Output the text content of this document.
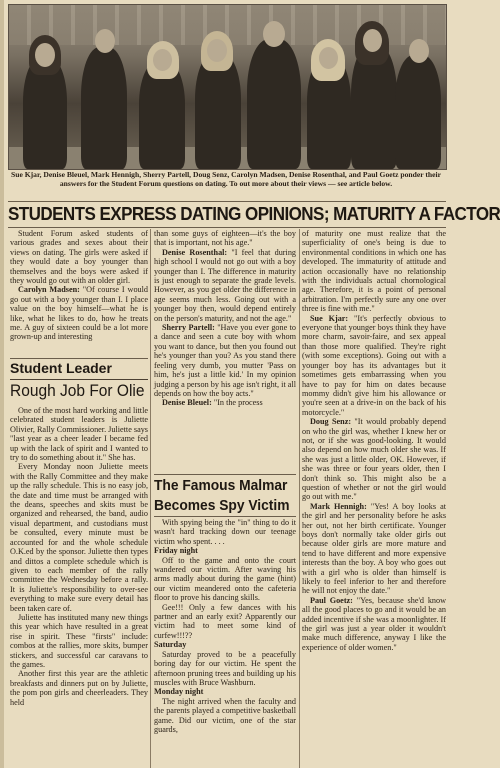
Sue Kjar, Denise Bleuel, Mark Hennigh, Sherry Partell, Doug Senz, Carolyn Madsen, Denise Rosenthal, and Paul Goetz ponder their answers for the Student Forum questions on dating. To out more about their views — see article below.
STUDENTS EXPRESS DATING OPINIONS; MATURITY A FACTOR

Student Forum asked students of various grades and sexes about their views on dating. The girls were asked if they would date a boy younger than themselves and the boys were asked if they would go out with an older girl.

Carolyn Madsen: "Of course I would go out with a boy younger than I. I place value on the boy himself—what he is like, what he likes to do, how he treats me. A guy of sixteen could be a lot more grown-up and interesting

than some guys of eighteen—it's the boy that is important, not his age."

Denise Rosenthal: "I feel that during high school I would not go out with a boy younger than I. The difference in maturity is just enough to separate the grade levels. However, as you get older the difference in age seems much less. Going out with a younger boy then, would depend entirely on the person's maturity, and not the age."

Sherry Partell: "Have you ever gone to a dance and seen a cute boy with whom you want to dance, but then you found out he's younger than you? As you stand there feeling very dumb, you mutter 'Pass on him, he's just a little kid.' In my opinion judging a person by his age isn't right, it all depends on how the boy acts."

Denise Bleuel: "In the process

of maturity one must realize that the superficiality of one's being is due to environmental conditions in which one has developed. The immaturity of attitude and action occasionally have no relationship with the individuals actual chornological age. Therefore, it is a point of personal arbitration. I'm perfectly sure any one over three is fine with me."

Sue Kjar: "It's perfectly obvious to everyone that younger boys think they have more charm, savoir-faire, and sex appeal than those more qualified. They're right (with some exceptions). Going out with a younger boy has its advantages but it sometimes gets embarrassing when you have to pay for him on dates because mommy didn't give him his allowance or you're seen at a drive-in on the back of his motorcycle."

Doug Senz: "It would probably depend on who the girl was, whether I knew her or not, or if she was good-looking. It would also depend on how much older she was. If she was just a little older, OK. However, if she was three or four years older, then I don't think so. This might also be a question of whether or not the girl would go out with me."

Mark Hennigh: "Yes! A boy looks at the girl and her personality before he asks her out, not her birth certificate. Younger boys don't normally take older girls out because older girls are more mature and tend to have different and more expensive interests than the boy. A boy who goes out with a girl who is older than himself is likely to feel inferior to her and therefore he will not enjoy the date."

Paul Goetz: "Yes, because she'd know all the good places to go and it would be an added incentive if she was a moonlighter. If the girl was just a year older it wouldn't make much difference, anyway I like the experience of older women."

Student Leader
Rough Job For Olie

One of the most hard working and little celebrated student leaders is Juliette Olivier, Rally Commissioner. Juliette says "last year as a cheer leader I became fed up with the lack of spirit and I wanted to try to do something about it." She has.

Every Monday noon Juliette meets with the Rally Committee and they make up the rally schedule. This is no easy job, the date and time must be arranged with the deans, speeches and skits must be organized and rehearsed, the band, audio visual department, and custodians must be consulted, every minute must be accounted for and the whole schedule O.K.ed by the sponsor. Juliette then types and dittos a complete schedule which is given to each member of the rally committee the Wednesday before a rally. It is Juliette's responsibility to over-see everything to make sure every detail has been taken care of.

Juliette has instituted many new things this year which have resulted in a great rise in spirit. These "firsts" include: combos at the rallies, more skits, bumper stickers, and successful car caravans to the games.

Another first this year are the athletic breakfasts and dinners put on by Juliette, the pom pon girls and cheerleaders. They held

The Famous Malmar
Becomes Spy Victim

With spying being the "in" thing to do it wasn't hard tracking down our teenage victim who spent. . . .

Friday night

Off to the game and onto the court wandered our victim. After waving his arms madly about during the game (hint) our victim meandered onto the cafeteria floor to prove his dancing skills.

Gee!!! Only a few dances with his partner and an early exit? Apparently our victim had to meet some kind of curfew!!!??

Saturday

Saturday proved to be a peacefully boring day for our victim. He spent the afternoon pruning trees and building up his muscles with Bruce Washburn.

Monday night

The night arrived when the faculty and the parents played a competitive basketball game. Did our victim, one of the star guards,
